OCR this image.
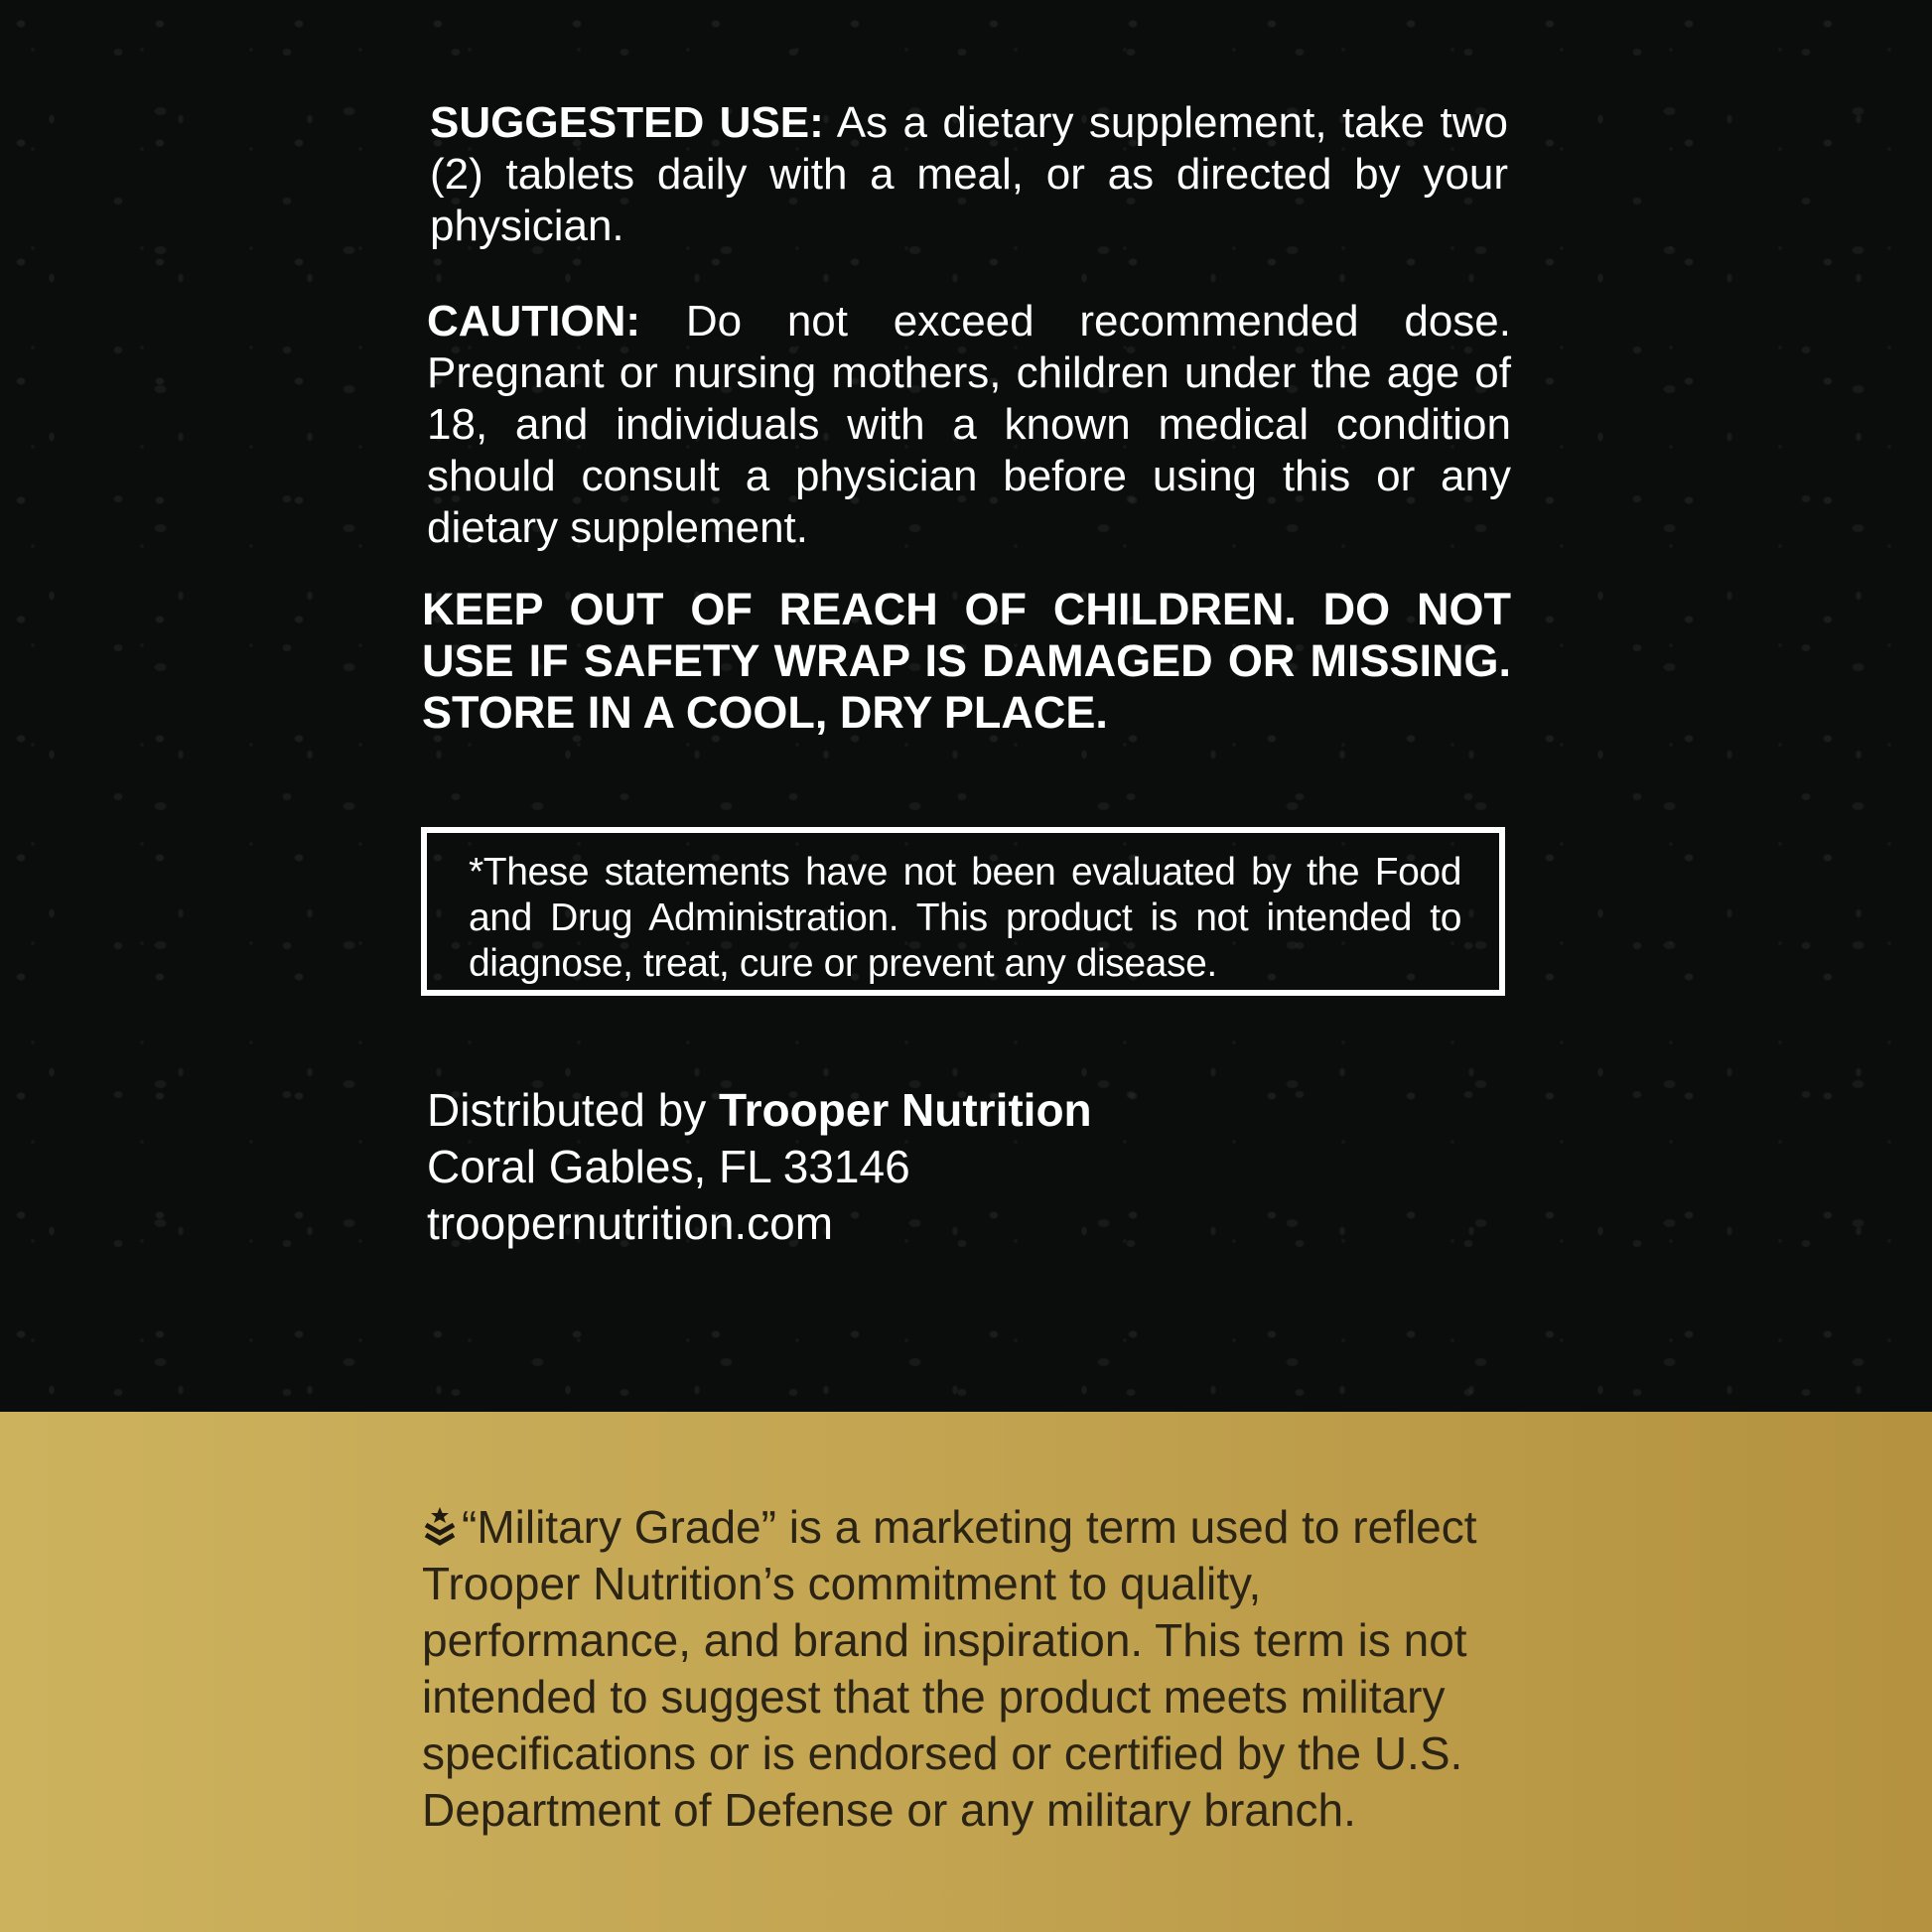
SUGGESTED USE: As a dietary supplement, take two (2) tablets daily with a meal, or as directed by your physician.

CAUTION: Do not exceed recommended dose. Pregnant or nursing mothers, children under the age of 18, and individuals with a known medical condition should consult a physician before using this or any dietary supplement.

KEEP OUT OF REACH OF CHILDREN. DO NOT USE IF SAFETY WRAP IS DAMAGED OR MISSING. STORE IN A COOL, DRY PLACE.

*These statements have not been evaluated by the Food and Drug Administration. This product is not intended to diagnose, treat, cure or prevent any disease.
Distributed by Trooper Nutrition
Coral Gables, FL 33146
troopernutrition.com
“Military Grade” is a marketing term used to reflect Trooper Nutrition’s commitment to quality, performance, and brand inspiration. This term is not intended to suggest that the product meets military specifications or is endorsed or certified by the U.S. Department of Defense or any military branch.
